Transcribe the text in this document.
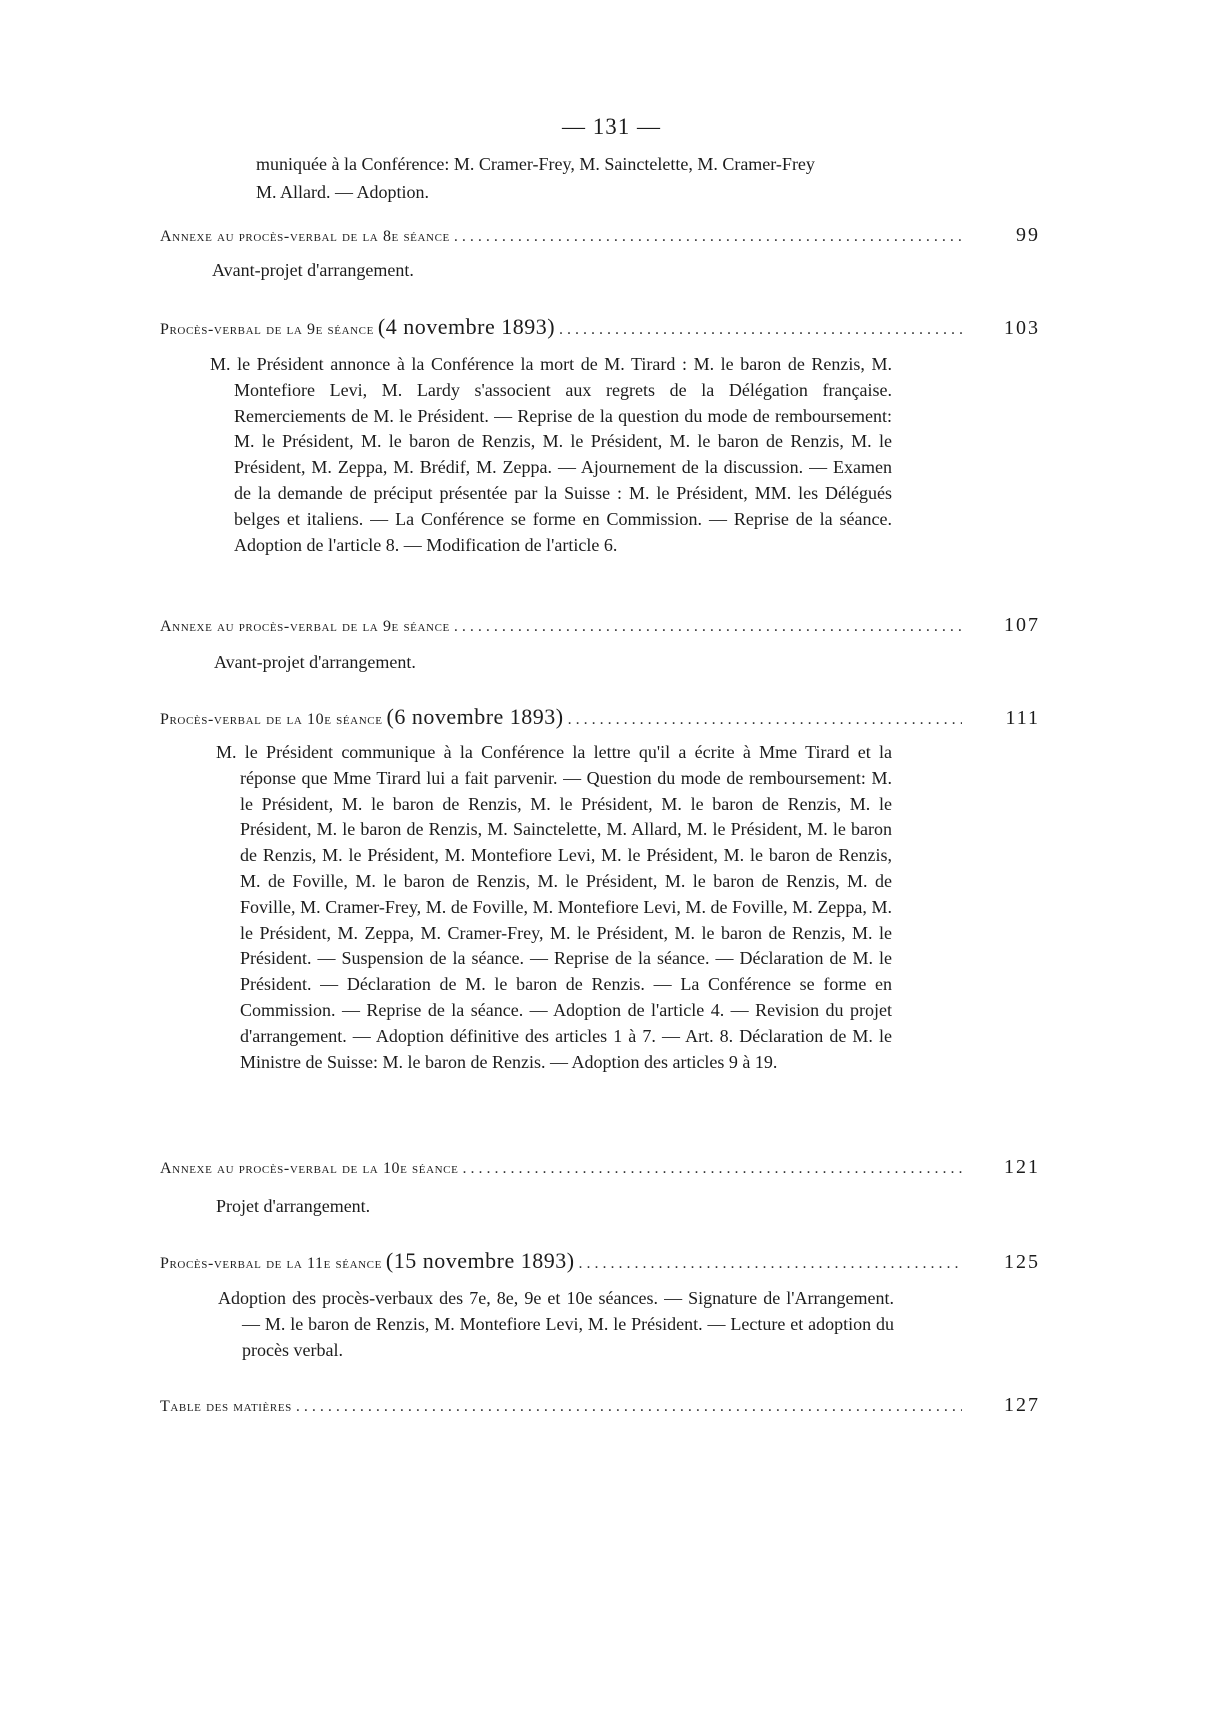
— 131 —
muniquée à la Conférence: M. Cramer-Frey, M. Sainctelette, M. Cramer-Frey
M. Allard. — Adoption.
Annexe au procès-verbal de la 8e séance . . .	99
Avant-projet d'arrangement.
Procès-verbal de la 9e séance (4 novembre 1893) . . .	103
M. le Président annonce à la Conférence la mort de M. Tirard : M. le baron de Renzis, M. Montefiore Levi, M. Lardy s'associent aux regrets de la Délégation française. Remerciements de M. le Président. — Reprise de la question du mode de remboursement: M. le Président, M. le baron de Renzis, M. le Président, M. le baron de Renzis, M. le Président, M. Zeppa, M. Brédif, M. Zeppa. — Ajournement de la discussion. — Examen de la demande de préciput présentée par la Suisse : M. le Président, MM. les Délégués belges et italiens. — La Conférence se forme en Commission. — Reprise de la séance. Adoption de l'article 8. — Modification de l'article 6.
Annexe au procès-verbal de la 9e séance . . .	107
Avant-projet d'arrangement.
Procès-verbal de la 10e séance (6 novembre 1893) . . .	111
M. le Président communique à la Conférence la lettre qu'il a écrite à Mme Tirard et la réponse que Mme Tirard lui a fait parvenir. — Question du mode de remboursement: M. le Président, M. le baron de Renzis, M. le Président, M. le baron de Renzis, M. le Président, M. le baron de Renzis, M. Sainctelette, M. Allard, M. le Président, M. le baron de Renzis, M. le Président, M. Montefiore Levi, M. le Président, M. le baron de Renzis, M. de Foville, M. le baron de Renzis, M. le Président, M. le baron de Renzis, M. de Foville, M. Cramer-Frey, M. de Foville, M. Montefiore Levi, M. de Foville, M. Zeppa, M. le Président, M. Zeppa, M. Cramer-Frey, M. le Président, M. le baron de Renzis, M. le Président. — Suspension de la séance. — Reprise de la séance. — Déclaration de M. le Président. — Déclaration de M. le baron de Renzis. — La Conférence se forme en Commission. — Reprise de la séance. — Adoption de l'article 4. — Revision du projet d'arrangement. — Adoption définitive des articles 1 à 7. — Art. 8. Déclaration de M. le Ministre de Suisse: M. le baron de Renzis. — Adoption des articles 9 à 19.
Annexe au procès-verbal de la 10e séance . . .	121
Projet d'arrangement.
Procès-verbal de la 11e séance (15 novembre 1893) . . .	125
Adoption des procès-verbaux des 7e, 8e, 9e et 10e séances. — Signature de l'Arrangement. — M. le baron de Renzis, M. Montefiore Levi, M. le Président. — Lecture et adoption du procès verbal.
Table des matières . . .	127
